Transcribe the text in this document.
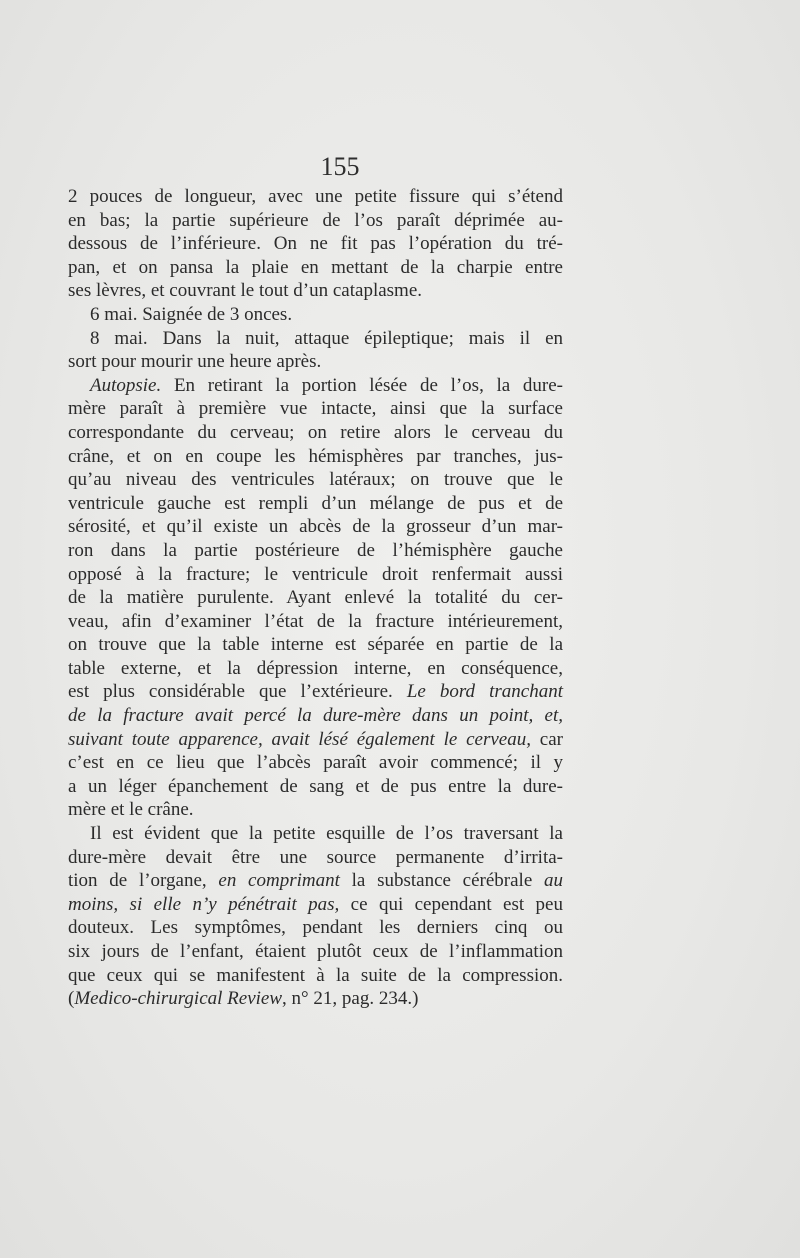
155
2 pouces de longueur, avec une petite fissure qui s’étend
en bas; la partie supérieure de l’os paraît déprimée au-
dessous de l’inférieure. On ne fit pas l’opération du tré-
pan, et on pansa la plaie en mettant de la charpie entre
ses lèvres, et couvrant le tout d’un cataplasme.
6 mai. Saignée de 3 onces.
8 mai. Dans la nuit, attaque épileptique; mais il en
sort pour mourir une heure après.
Autopsie. En retirant la portion lésée de l’os, la dure-
mère paraît à première vue intacte, ainsi que la surface
correspondante du cerveau; on retire alors le cerveau du
crâne, et on en coupe les hémisphères par tranches, jus-
qu’au niveau des ventricules latéraux; on trouve que le
ventricule gauche est rempli d’un mélange de pus et de
sérosité, et qu’il existe un abcès de la grosseur d’un mar-
ron dans la partie postérieure de l’hémisphère gauche
opposé à la fracture; le ventricule droit renfermait aussi
de la matière purulente. Ayant enlevé la totalité du cer-
veau, afin d’examiner l’état de la fracture intérieurement,
on trouve que la table interne est séparée en partie de la
table externe, et la dépression interne, en conséquence,
est plus considérable que l’extérieure. Le bord tranchant
de la fracture avait percé la dure-mère dans un point, et,
suivant toute apparence, avait lésé également le cerveau, car
c’est en ce lieu que l’abcès paraît avoir commencé; il y
a un léger épanchement de sang et de pus entre la dure-
mère et le crâne.
Il est évident que la petite esquille de l’os traversant la
dure-mère devait être une source permanente d’irrita-
tion de l’organe, en comprimant la substance cérébrale au
moins, si elle n’y pénétrait pas, ce qui cependant est peu
douteux. Les symptômes, pendant les derniers cinq ou
six jours de l’enfant, étaient plutôt ceux de l’inflammation
que ceux qui se manifestent à la suite de la compression.
(Medico-chirurgical Review, n° 21, pag. 234.)
